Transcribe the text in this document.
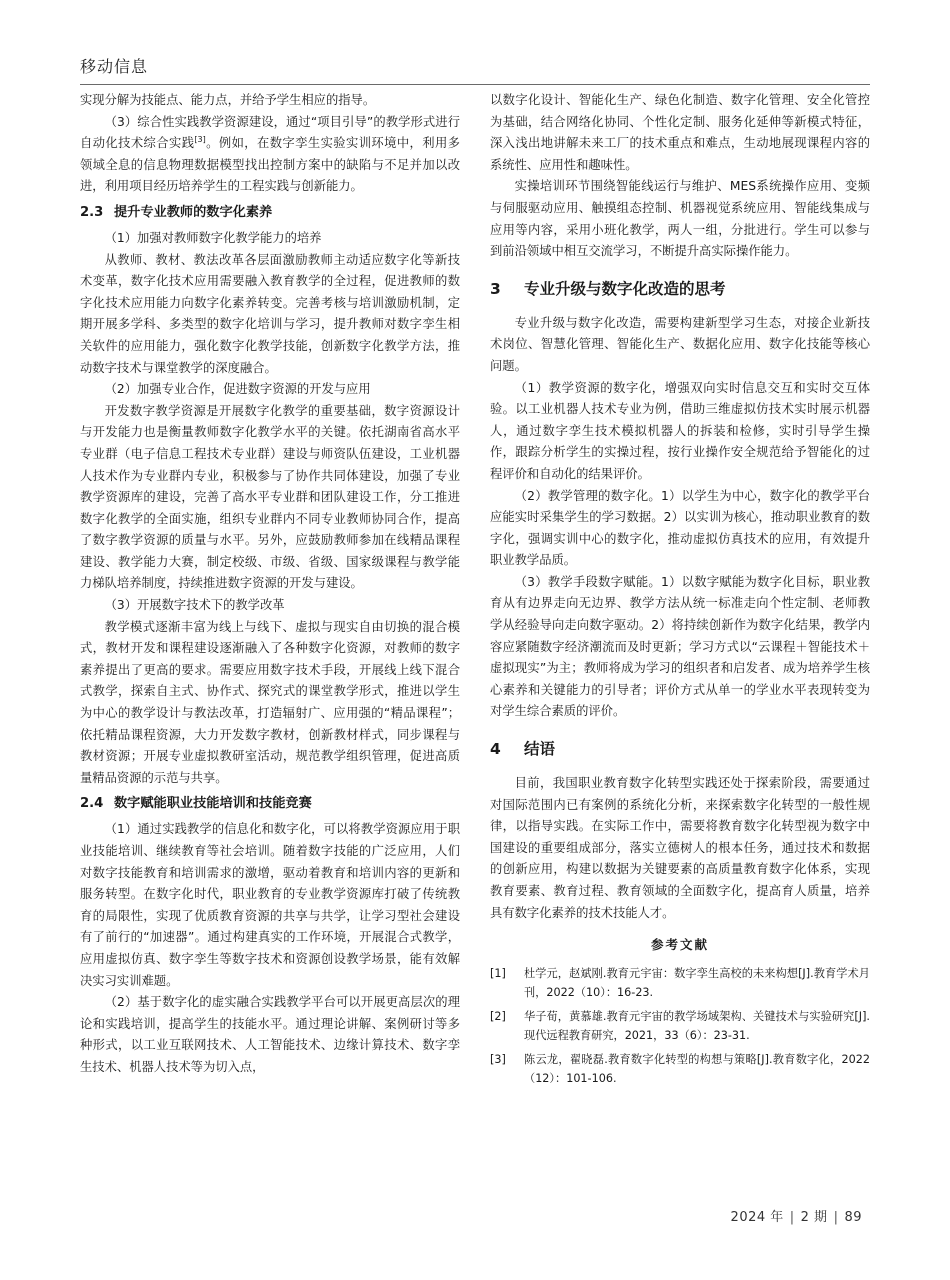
移动信息

实现分解为技能点、能力点，并给予学生相应的指导。

（3）综合性实践教学资源建设，通过“项目引导”的教学形式进行自动化技术综合实践[3]。例如，在数字孪生实验实训环境中，利用多领域全息的信息物理数据模型找出控制方案中的缺陷与不足并加以改进，利用项目经历培养学生的工程实践与创新能力。

2.3 提升专业教师的数字化素养

（1）加强对教师数字化教学能力的培养

从教师、教材、教法改革各层面激励教师主动适应数字化等新技术变革，数字化技术应用需要融入教育教学的全过程，促进教师的数字化技术应用能力向数字化素养转变。完善考核与培训激励机制，定期开展多学科、多类型的数字化培训与学习，提升教师对数字孪生相关软件的应用能力，强化数字化教学技能，创新数字化教学方法，推动数字技术与课堂教学的深度融合。

（2）加强专业合作，促进数字资源的开发与应用

开发数字教学资源是开展数字化教学的重要基础，数字资源设计与开发能力也是衡量教师数字化教学水平的关键。依托湖南省高水平专业群（电子信息工程技术专业群）建设与师资队伍建设，工业机器人技术作为专业群内专业，积极参与了协作共同体建设，加强了专业教学资源库的建设，完善了高水平专业群和团队建设工作，分工推进数字化教学的全面实施，组织专业群内不同专业教师协同合作，提高了数字教学资源的质量与水平。另外，应鼓励教师参加在线精品课程建设、教学能力大赛，制定校级、市级、省级、国家级课程与教学能力梯队培养制度，持续推进数字资源的开发与建设。

（3）开展数字技术下的教学改革

教学模式逐渐丰富为线上与线下、虚拟与现实自由切换的混合模式，教材开发和课程建设逐渐融入了各种数字化资源，对教师的数字素养提出了更高的要求。需要应用数字技术手段，开展线上线下混合式教学，探索自主式、协作式、探究式的课堂教学形式，推进以学生为中心的教学设计与教法改革，打造辐射广、应用强的“精品课程”；依托精品课程资源，大力开发数字教材，创新教材样式，同步课程与教材资源；开展专业虚拟教研室活动，规范教学组织管理，促进高质量精品资源的示范与共享。

2.4 数字赋能职业技能培训和技能竞赛

（1）通过实践教学的信息化和数字化，可以将教学资源应用于职业技能培训、继续教育等社会培训。随着数字技能的广泛应用，人们对数字技能教育和培训需求的激增，驱动着教育和培训内容的更新和服务转型。在数字化时代，职业教育的专业教学资源库打破了传统教育的局限性，实现了优质教育资源的共享与共学，让学习型社会建设有了前行的“加速器”。通过构建真实的工作环境，开展混合式教学，应用虚拟仿真、数字孪生等数字技术和资源创设教学场景，能有效解决实习实训难题。

（2）基于数字化的虚实融合实践教学平台可以开展更高层次的理论和实践培训，提高学生的技能水平。通过理论讲解、案例研讨等多种形式，以工业互联网技术、人工智能技术、边缘计算技术、数字孪生技术、机器人技术等为切入点，

以数字化设计、智能化生产、绿色化制造、数字化管理、安全化管控为基础，结合网络化协同、个性化定制、服务化延伸等新模式特征，深入浅出地讲解未来工厂的技术重点和难点，生动地展现课程内容的系统性、应用性和趣味性。

实操培训环节围绕智能线运行与维护、MES系统操作应用、变频与伺服驱动应用、触摸组态控制、机器视觉系统应用、智能线集成与应用等内容，采用小班化教学，两人一组，分批进行。学生可以参与到前沿领域中相互交流学习，不断提升高实际操作能力。

3 专业升级与数字化改造的思考

专业升级与数字化改造，需要构建新型学习生态，对接企业新技术岗位、智慧化管理、智能化生产、数据化应用、数字化技能等核心问题。

（1）教学资源的数字化，增强双向实时信息交互和实时交互体验。以工业机器人技术专业为例，借助三维虚拟仿技术实时展示机器人，通过数字孪生技术模拟机器人的拆装和检修，实时引导学生操作，跟踪分析学生的实操过程，按行业操作安全规范给予智能化的过程评价和自动化的结果评价。

（2）教学管理的数字化。1）以学生为中心，数字化的教学平台应能实时采集学生的学习数据。2）以实训为核心，推动职业教育的数字化，强调实训中心的数字化，推动虚拟仿真技术的应用，有效提升职业教学品质。

（3）教学手段数字赋能。1）以数字赋能为数字化目标，职业教育从有边界走向无边界、教学方法从统一标准走向个性定制、老师教学从经验导向走向数字驱动。2）将持续创新作为数字化结果，教学内容应紧随数字经济潮流而及时更新；学习方式以“云课程＋智能技术＋虚拟现实”为主；教师将成为学习的组织者和启发者、成为培养学生核心素养和关键能力的引导者；评价方式从单一的学业水平表现转变为对学生综合素质的评价。

4 结语

目前，我国职业教育数字化转型实践还处于探索阶段，需要通过对国际范围内已有案例的系统化分析，来探索数字化转型的一般性规律，以指导实践。在实际工作中，需要将教育数字化转型视为数字中国建设的重要组成部分，落实立德树人的根本任务，通过技术和数据的创新应用，构建以数据为关键要素的高质量教育数字化体系，实现教育要素、教育过程、教育领域的全面数字化，提高育人质量，培养具有数字化素养的技术技能人才。

参考文献
[1]	杜学元，赵斌刚.教育元宇宙：数字孪生高校的未来构想[J].教育学术月刊，2022（10）：16-23.
[2]	华子荀，黄慕雄.教育元宇宙的教学场域架构、关键技术与实验研究[J].现代远程教育研究，2021，33（6）：23-31.
[3]	陈云龙，翟晓磊.教育数字化转型的构想与策略[J].教育数字化，2022（12）：101-106.
2024 年 | 2 期 | 89
